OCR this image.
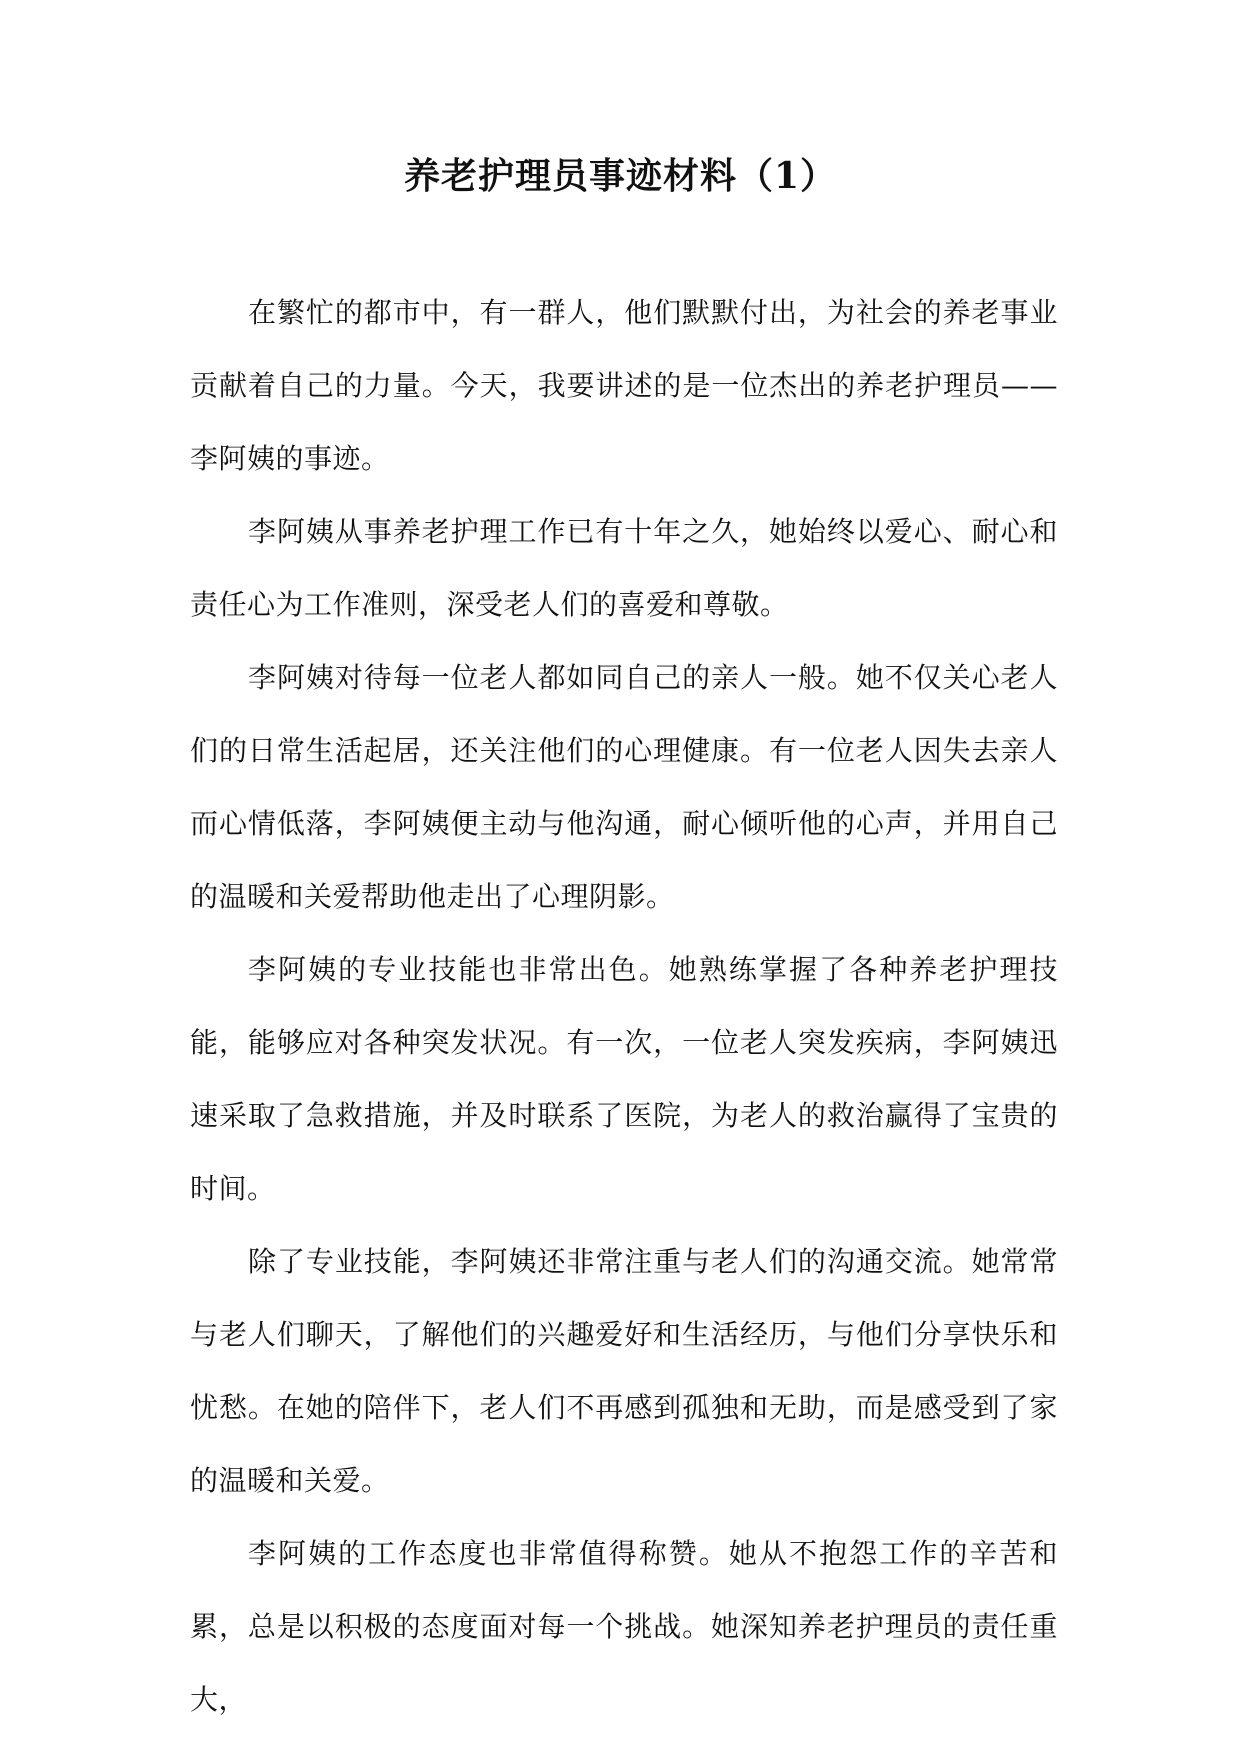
养老护理员事迹材料（1）

在繁忙的都市中，有一群人，他们默默付出，为社会的养老事业贡献着自己的力量。今天，我要讲述的是一位杰出的养老护理员——李阿姨的事迹。

李阿姨从事养老护理工作已有十年之久，她始终以爱心、耐心和责任心为工作准则，深受老人们的喜爱和尊敬。

李阿姨对待每一位老人都如同自己的亲人一般。她不仅关心老人们的日常生活起居，还关注他们的心理健康。有一位老人因失去亲人而心情低落，李阿姨便主动与他沟通，耐心倾听他的心声，并用自己的温暖和关爱帮助他走出了心理阴影。

李阿姨的专业技能也非常出色。她熟练掌握了各种养老护理技能，能够应对各种突发状况。有一次，一位老人突发疾病，李阿姨迅速采取了急救措施，并及时联系了医院，为老人的救治赢得了宝贵的时间。

除了专业技能，李阿姨还非常注重与老人们的沟通交流。她常常与老人们聊天，了解他们的兴趣爱好和生活经历，与他们分享快乐和忧愁。在她的陪伴下，老人们不再感到孤独和无助，而是感受到了家的温暖和关爱。

李阿姨的工作态度也非常值得称赞。她从不抱怨工作的辛苦和累，总是以积极的态度面对每一个挑战。她深知养老护理员的责任重大，
